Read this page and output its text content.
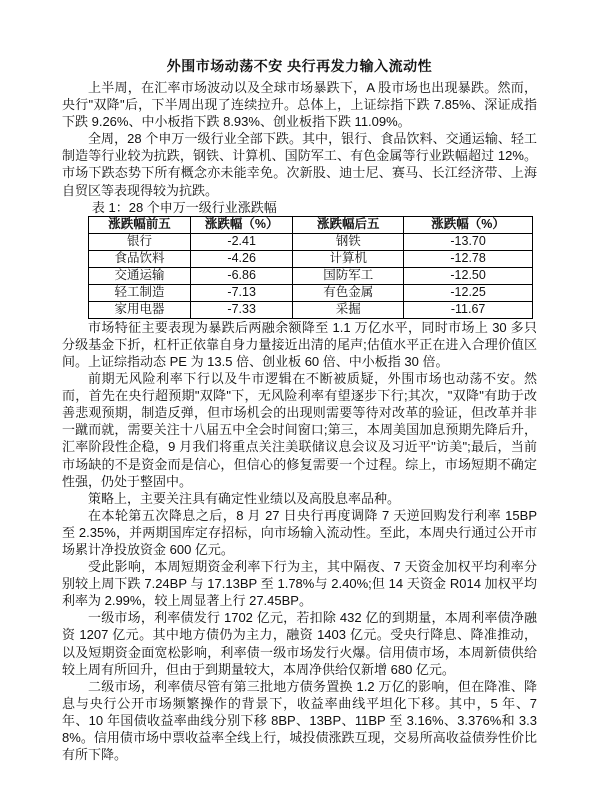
外围市场动荡不安 央行再发力输入流动性

上半周，在汇率市场波动以及全球市场暴跌下，A 股市场也出现暴跌。然而，央行"双降"后，下半周出现了连续拉升。总体上，上证综指下跌 7.85%、深证成指下跌 9.26%、中小板指下跌 8.93%、创业板指下跌 11.09%。

全周，28 个申万一级行业全部下跌。其中，银行、食品饮料、交通运输、轻工制造等行业较为抗跌，钢铁、计算机、国防军工、有色金属等行业跌幅超过 12%。市场下跌态势下所有概念亦未能幸免。次新股、迪士尼、赛马、长江经济带、上海自贸区等表现得较为抗跌。

表 1：28 个申万一级行业涨跌幅
涨跌幅前五	涨跌幅（%）	涨跌幅后五	涨跌幅（%）
银行	-2.41	钢铁	-13.70
食品饮料	-4.26	计算机	-12.78
交通运输	-6.86	国防军工	-12.50
轻工制造	-7.13	有色金属	-12.25
家用电器	-7.33	采掘	-11.67

市场特征主要表现为暴跌后两融余额降至 1.1 万亿水平，同时市场上 30 多只分级基金下折，杠杆正依靠自身力量接近出清的尾声;估值水平正在进入合理价值区间。上证综指动态 PE 为 13.5 倍、创业板 60 倍、中小板指 30 倍。

前期无风险利率下行以及牛市逻辑在不断被质疑，外围市场也动荡不安。然而，首先在央行超预期"双降"下，无风险利率有望逐步下行;其次，"双降"有助于改善悲观预期，制造反弹，但市场机会的出现则需要等待对改革的验证，但改革并非一蹴而就，需要关注十八届五中全会时间窗口;第三，本周美国加息预期先降后升，汇率阶段性企稳，9 月我们将重点关注美联储议息会议及习近平"访美";最后，当前市场缺的不是资金而是信心，但信心的修复需要一个过程。综上，市场短期不确定性强，仍处于整固中。

策略上，主要关注具有确定性业绩以及高股息率品种。

在本轮第五次降息之后，8 月 27 日央行再度调降 7 天逆回购发行利率 15BP 至 2.35%，并两期国库定存招标，向市场输入流动性。至此，本周央行通过公开市场累计净投放资金 600 亿元。

受此影响，本周短期资金利率下行为主，其中隔夜、7 天资金加权平均利率分别较上周下跌 7.24BP 与 17.13BP 至 1.78%与 2.40%;但 14 天资金 R014 加权平均利率为 2.99%，较上周显著上行 27.45BP。

一级市场，利率债发行 1702 亿元，若扣除 432 亿的到期量，本周利率债净融资 1207 亿元。其中地方债仍为主力，融资 1403 亿元。受央行降息、降准推动，以及短期资金面宽松影响，利率债一级市场发行火爆。信用债市场，本周新债供给较上周有所回升，但由于到期量较大，本周净供给仅新增 680 亿元。

二级市场，利率债尽管有第三批地方债务置换 1.2 万亿的影响，但在降准、降息与央行公开市场频繁操作的背景下，收益率曲线平坦化下移。其中，5 年、7 年、10 年国债收益率曲线分别下移 8BP、13BP、11BP 至 3.16%、3.376%和 3.38%。信用债市场中票收益率全线上行，城投债涨跌互现，交易所高收益债券性价比有所下降。
